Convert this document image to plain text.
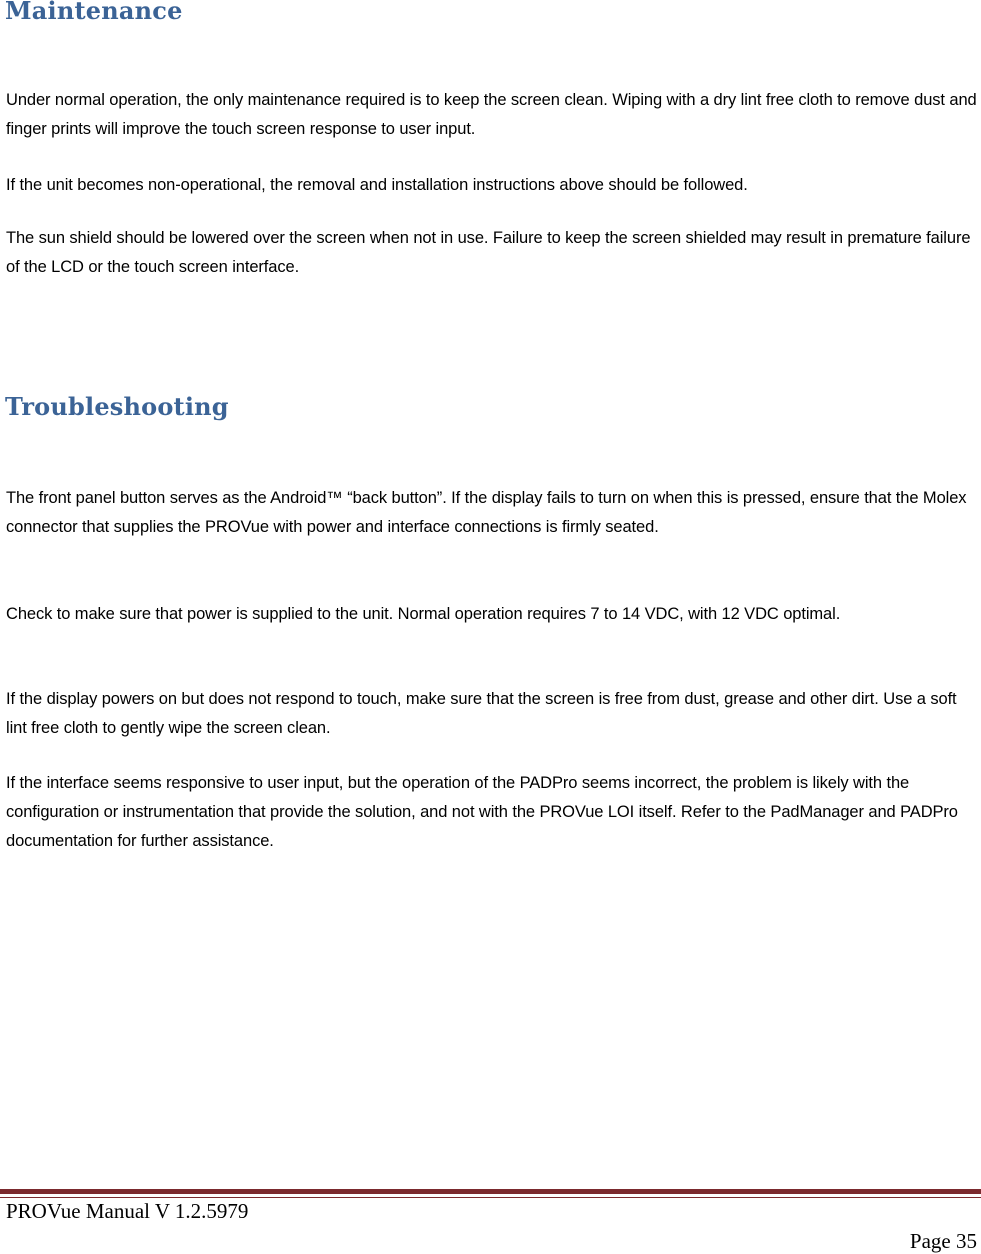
Maintenance

Under normal operation, the only maintenance required is to keep the screen clean. Wiping with a dry lint free cloth to remove dust and finger prints will improve the touch screen response to user input.

If the unit becomes non-operational, the removal and installation instructions above should be followed.

The sun shield should be lowered over the screen when not in use. Failure to keep the screen shielded may result in premature failure of the LCD or the touch screen interface.

Troubleshooting

The front panel button serves as the Android™ “back button”. If the display fails to turn on when this is pressed, ensure that the Molex connector that supplies the PROVue with power and interface connections is firmly seated.

Check to make sure that power is supplied to the unit. Normal operation requires 7 to 14 VDC, with 12 VDC optimal.

If the display powers on but does not respond to touch, make sure that the screen is free from dust, grease and other dirt. Use a soft lint free cloth to gently wipe the screen clean.

If the interface seems responsive to user input, but the operation of the PADPro seems incorrect, the problem is likely with the configuration or instrumentation that provide the solution, and not with the PROVue LOI itself. Refer to the PadManager and PADPro documentation for further assistance.

PROVue Manual V 1.2.5979

Page 35
